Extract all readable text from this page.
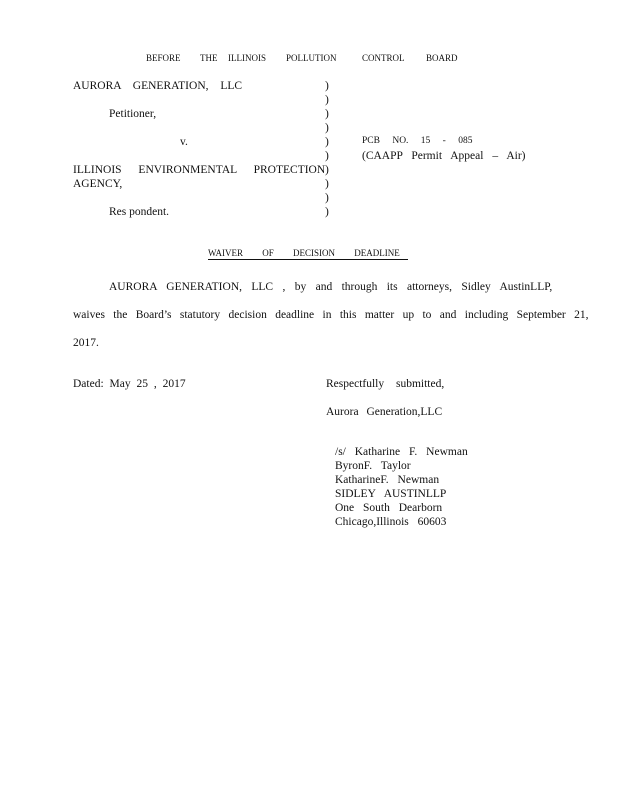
BEFORE THE ILLINOIS POLLUTION	CONTROL BOARD
AURORA GENERATION, LLC
Petitioner,
v.
ILLINOIS ENVIRONMENTAL PROTECTION
AGENCY,
Res pondent.
)
)
)
)
)
)
)
)
)
)
PCB NO. 15 - 085
(CAAPP Permit Appeal – Air)
WAIVER OF DECISION DEADLINE
AURORA GENERATION, LLC , by and through its attorneys, Sidley AustinLLP,
waives the Board’s statutory decision deadline in this matter up to and including September 21,
2017.
Dated: May 25 , 2017	Respectfully submitted,
Aurora Generation,LLC
/s/ Katharine F. Newman
ByronF. Taylor
KatharineF. Newman
SIDLEY AUSTINLLP
One South Dearborn
Chicago,Illinois 60603
